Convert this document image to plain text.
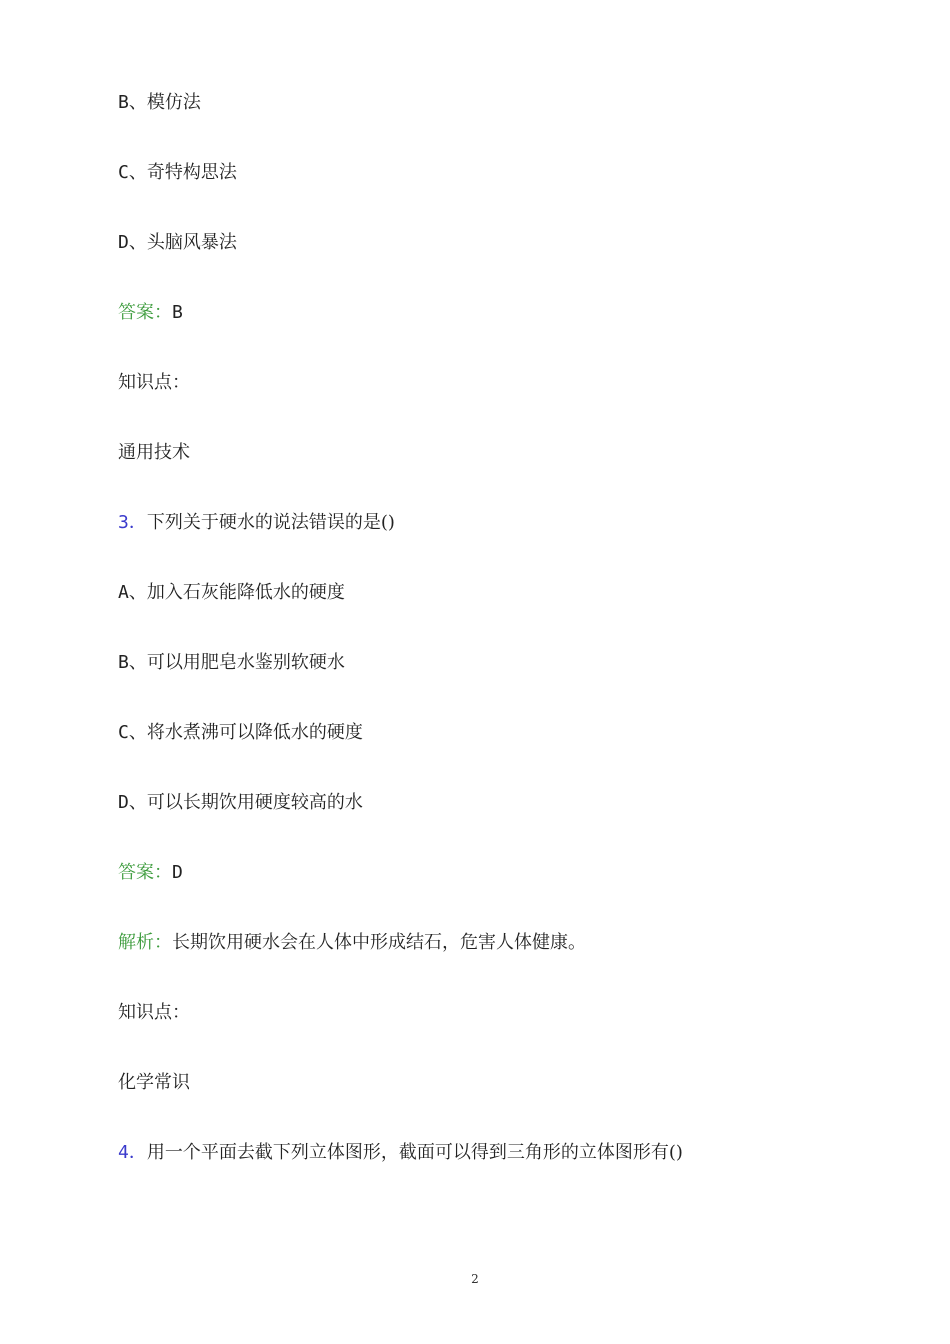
B、模仿法
C、奇特构思法
D、头脑风暴法
答案：B
知识点：
通用技术
3．下列关于硬水的说法错误的是()
A、加入石灰能降低水的硬度
B、可以用肥皂水鉴别软硬水
C、将水煮沸可以降低水的硬度
D、可以长期饮用硬度较高的水
答案：D
解析：长期饮用硬水会在人体中形成结石，危害人体健康。
知识点：
化学常识
4．用一个平面去截下列立体图形，截面可以得到三角形的立体图形有()
2
